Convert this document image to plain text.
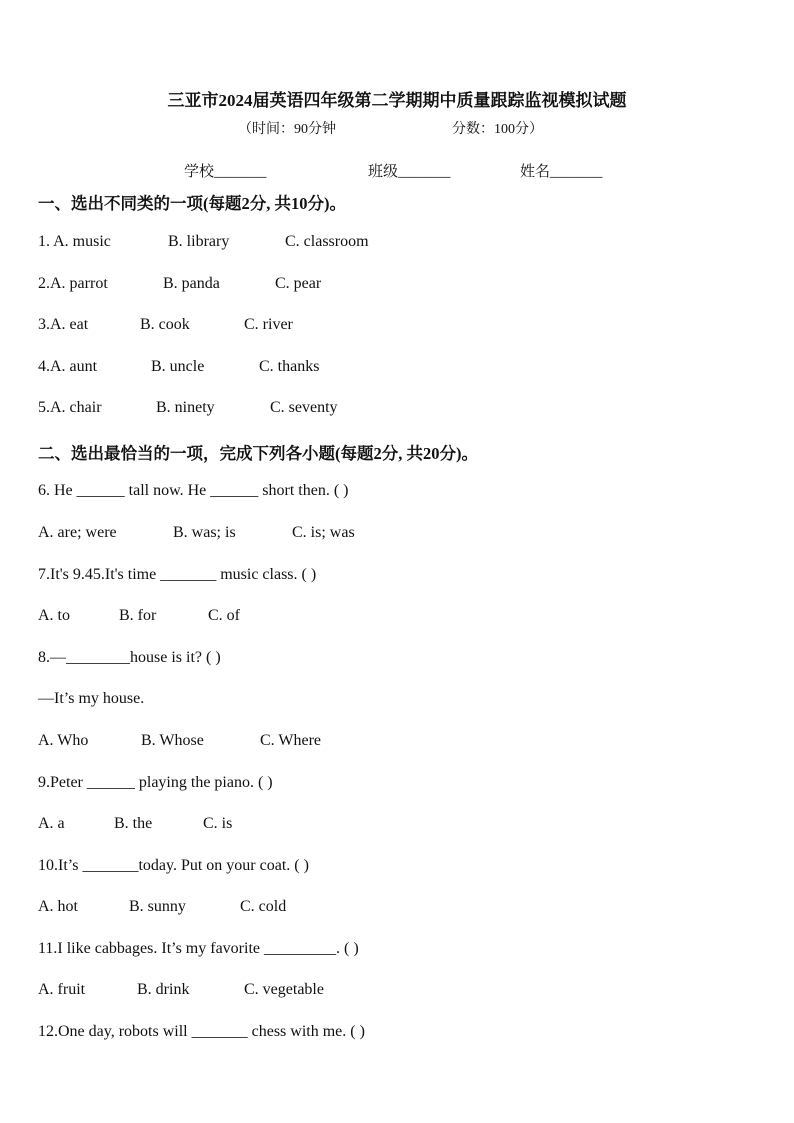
三亚市2024届英语四年级第二学期期中质量跟踪监视模拟试题
（时间：90分钟	分数：100分）
学校_______	班级_______	姓名_______
一、选出不同类的一项(每题2分, 共10分)。
1. A. music	B. library	C. classroom
2.A. parrot	B. panda	C. pear
3.A. eat	B. cook	C. river
4.A. aunt	B. uncle	C. thanks
5.A. chair	B. ninety	C. seventy
二、选出最恰当的一项，完成下列各小题(每题2分, 共20分)。
6. He ______ tall now. He ______ short then. ( )
A. are; were	B. was; is	C. is; was
7.It's 9.45.It's time _______ music class. ( )
A. to	B. for	C. of
8.—________house is it? ( )
—It’s my house.
A. Who	B. Whose	C. Where
9.Peter ______ playing the piano. ( )
A. a	B. the	C. is
10.It’s _______today. Put on your coat. ( )
A. hot	B. sunny	C. cold
11.I like cabbages. It’s my favorite _________. ( )
A. fruit	B. drink	C. vegetable
12.One day, robots will _______ chess with me. ( )
